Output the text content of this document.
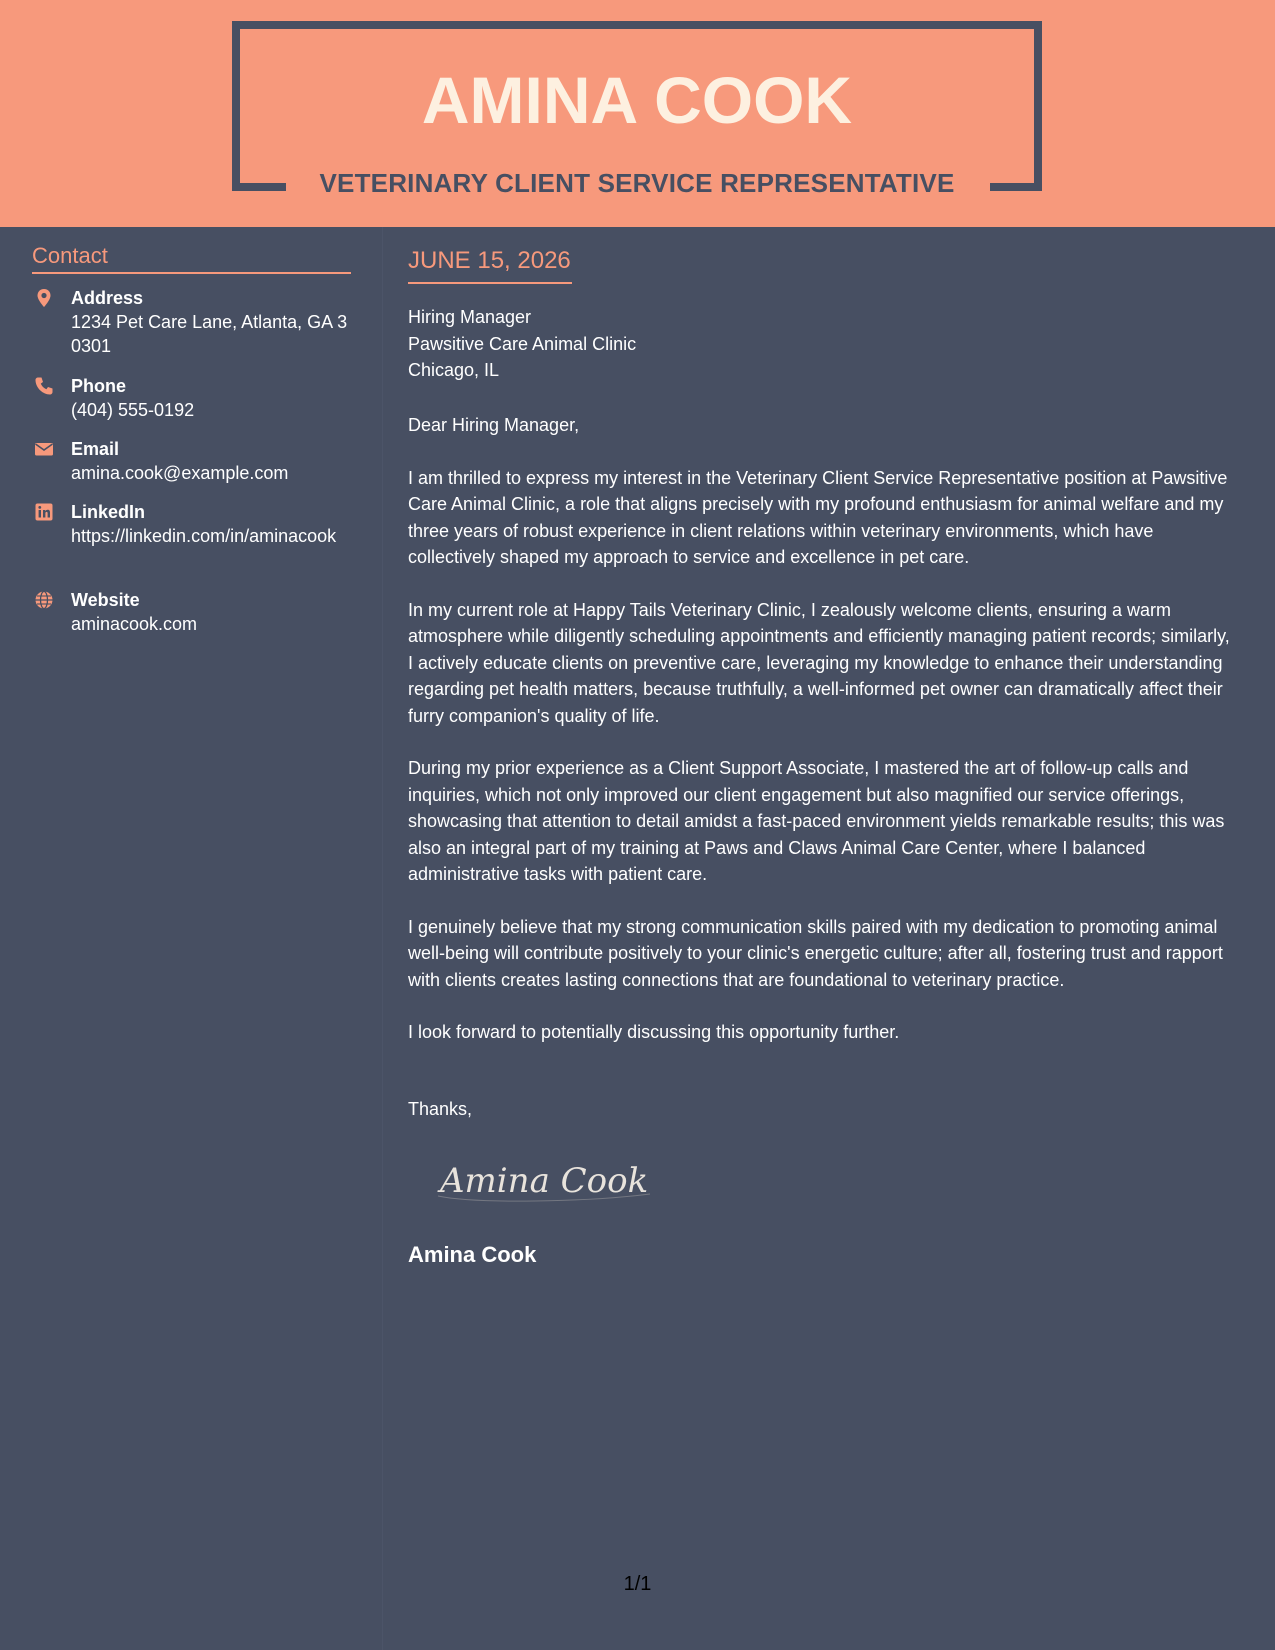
AMINA COOK
VETERINARY CLIENT SERVICE REPRESENTATIVE
Contact
Address
1234 Pet Care Lane, Atlanta, GA 30301
Phone
(404) 555-0192
Email
amina.cook@example.com
LinkedIn
https://linkedin.com/in/aminacook
Website
aminacook.com
JUNE 15, 2026
Hiring Manager
Pawsitive Care Animal Clinic
Chicago, IL

Dear Hiring Manager,

I am thrilled to express my interest in the Veterinary Client Service Representative position at Pawsitive Care Animal Clinic, a role that aligns precisely with my profound enthusiasm for animal welfare and my three years of robust experience in client relations within veterinary environments, which have collectively shaped my approach to service and excellence in pet care.

In my current role at Happy Tails Veterinary Clinic, I zealously welcome clients, ensuring a warm atmosphere while diligently scheduling appointments and efficiently managing patient records; similarly, I actively educate clients on preventive care, leveraging my knowledge to enhance their understanding regarding pet health matters, because truthfully, a well-informed pet owner can dramatically affect their furry companion's quality of life.

During my prior experience as a Client Support Associate, I mastered the art of follow-up calls and inquiries, which not only improved our client engagement but also magnified our service offerings, showcasing that attention to detail amidst a fast-paced environment yields remarkable results; this was also an integral part of my training at Paws and Claws Animal Care Center, where I balanced administrative tasks with patient care.

I genuinely believe that my strong communication skills paired with my dedication to promoting animal well-being will contribute positively to your clinic's energetic culture; after all, fostering trust and rapport with clients creates lasting connections that are foundational to veterinary practice.

I look forward to potentially discussing this opportunity further.

Thanks,
Amina Cook
Amina Cook
1/1
